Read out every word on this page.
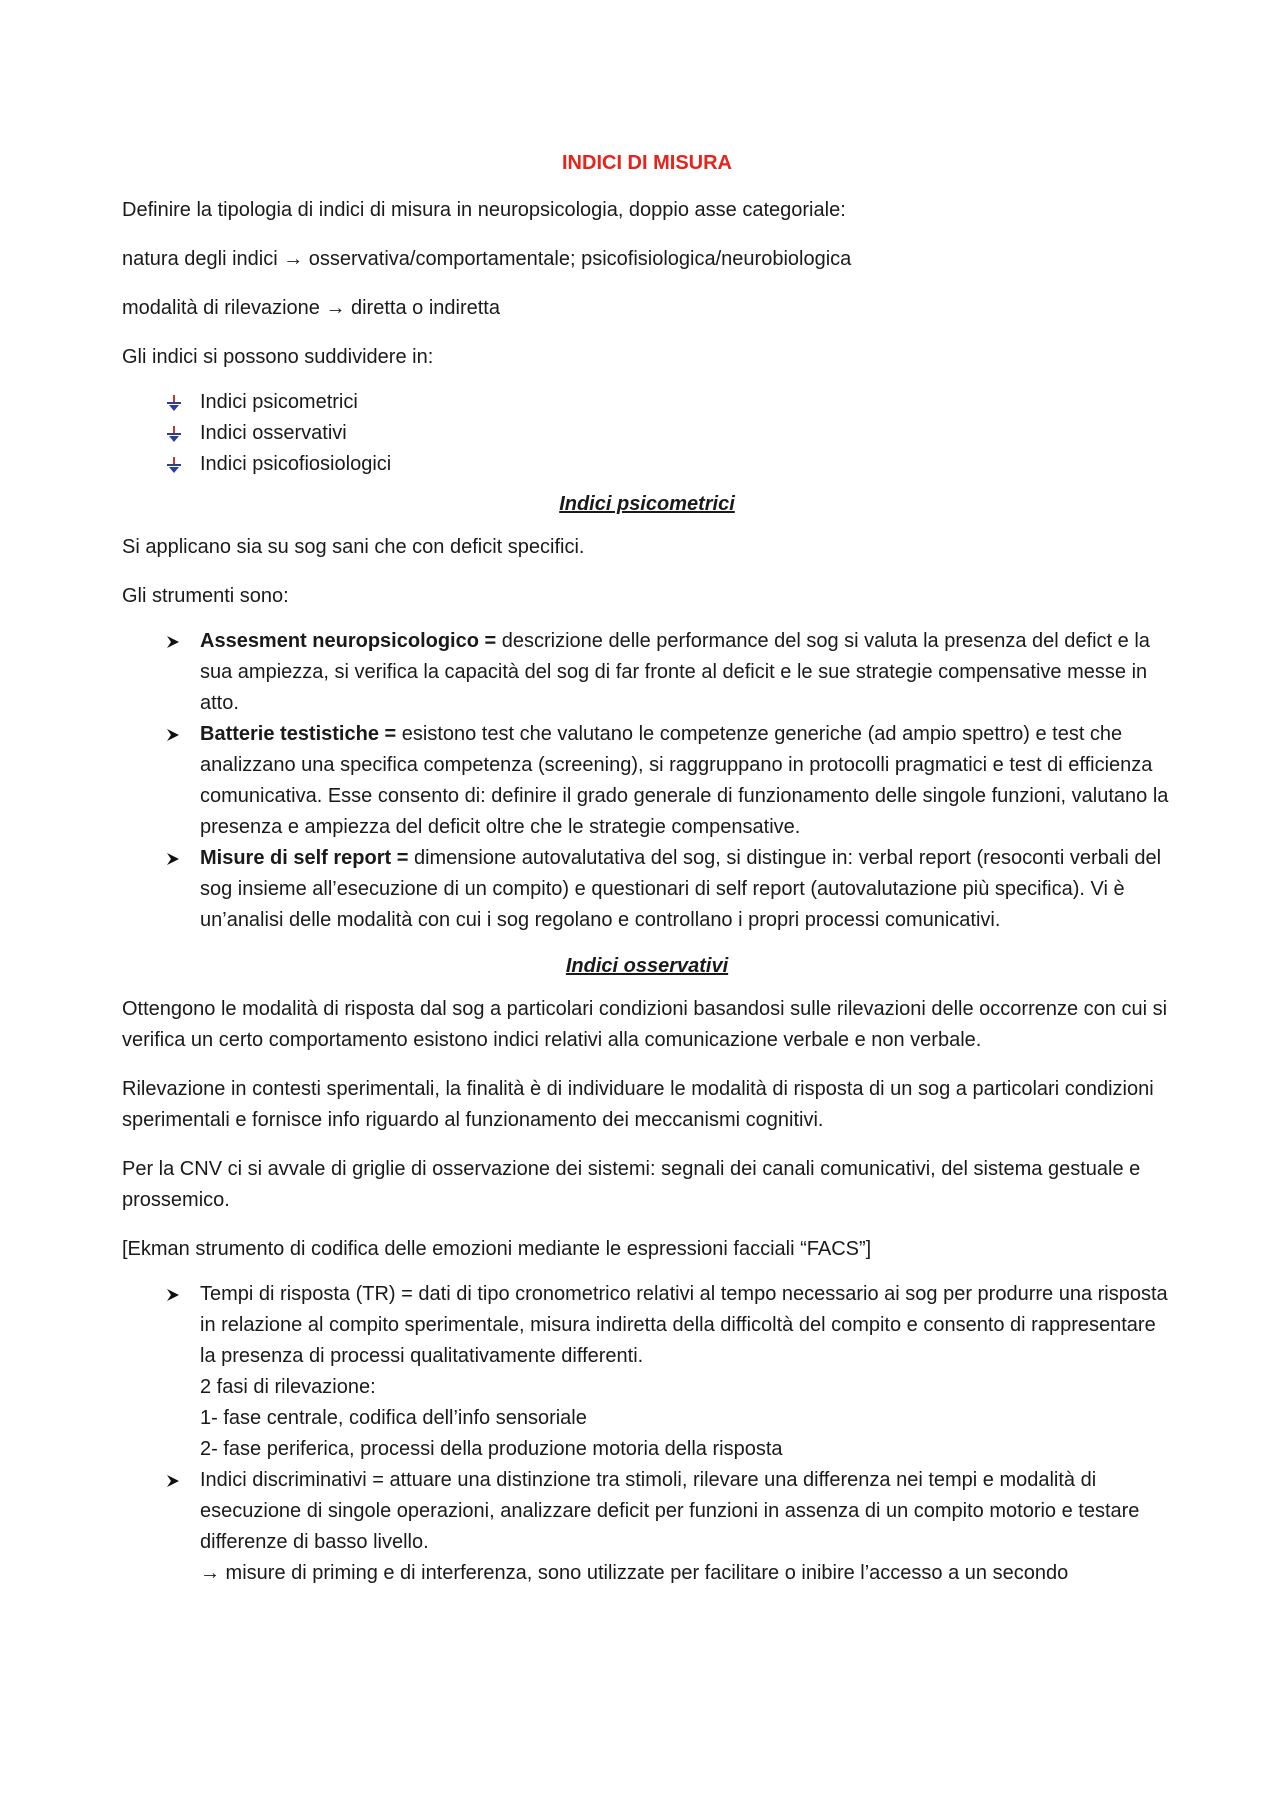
INDICI DI MISURA
Definire la tipologia di indici di misura in neuropsicologia, doppio asse categoriale:
natura degli indici → osservativa/comportamentale; psicofisiologica/neurobiologica
modalità di rilevazione → diretta o indiretta
Gli indici si possono suddividere in:
Indici psicometrici
Indici osservativi
Indici psicofiosiologici
Indici psicometrici
Si applicano sia su sog sani che con deficit specifici.
Gli strumenti sono:
Assesment neuropsicologico = descrizione delle performance del sog si valuta la presenza del defict e la sua ampiezza, si verifica la capacità del sog di far fronte al deficit e le sue strategie compensative messe in atto.
Batterie testistiche = esistono test che valutano le competenze generiche (ad ampio spettro) e test che analizzano una specifica competenza (screening), si raggruppano in protocolli pragmatici e test di efficienza comunicativa. Esse consento di: definire il grado generale di funzionamento delle singole funzioni, valutano la presenza e ampiezza del deficit oltre che le strategie compensative.
Misure di self report = dimensione autovalutativa del sog, si distingue in: verbal report (resoconti verbali del sog insieme all’esecuzione di un compito) e questionari di self report (autovalutazione più specifica). Vi è un’analisi delle modalità con cui i sog regolano e controllano i propri processi comunicativi.
Indici osservativi
Ottengono le modalità di risposta dal sog a particolari condizioni basandosi sulle rilevazioni delle occorrenze con cui si verifica un certo comportamento esistono indici relativi alla comunicazione verbale e non verbale.
Rilevazione in contesti sperimentali, la finalità è di individuare le modalità di risposta di un sog a particolari condizioni sperimentali e fornisce info riguardo al funzionamento dei meccanismi cognitivi.
Per la CNV ci si avvale di griglie di osservazione dei sistemi: segnali dei canali comunicativi, del sistema gestuale e prossemico.
[Ekman strumento di codifica delle emozioni mediante le espressioni facciali “FACS”]
Tempi di risposta (TR) = dati di tipo cronometrico relativi al tempo necessario ai sog per produrre una risposta in relazione al compito sperimentale, misura indiretta della difficoltà del compito e consento di rappresentare la presenza di processi qualitativamente differenti.
2 fasi di rilevazione:
1- fase centrale, codifica dell’info sensoriale
2- fase periferica, processi della produzione motoria della risposta
Indici discriminativi = attuare una distinzione tra stimoli, rilevare una differenza nei tempi e modalità di esecuzione di singole operazioni, analizzare deficit per funzioni in assenza di un compito motorio e testare differenze di basso livello.
→ misure di priming e di interferenza, sono utilizzate per facilitare o inibire l’accesso a un secondo
